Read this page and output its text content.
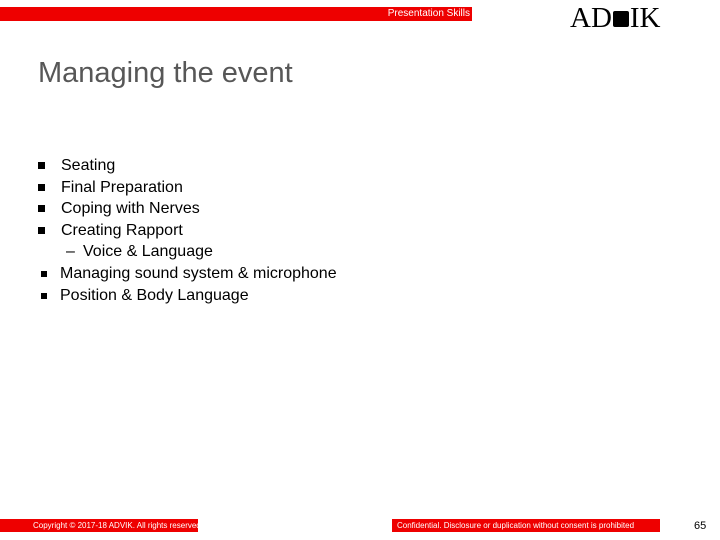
Presentation Skills	AD IK
Managing the event
Seating
Final Preparation
Coping with Nerves
Creating Rapport
– Voice & Language
Managing sound system & microphone
Position & Body Language
Copyright © 2017-18 ADVIK. All rights reserved.	Confidential. Disclosure or duplication without consent is prohibited	65
